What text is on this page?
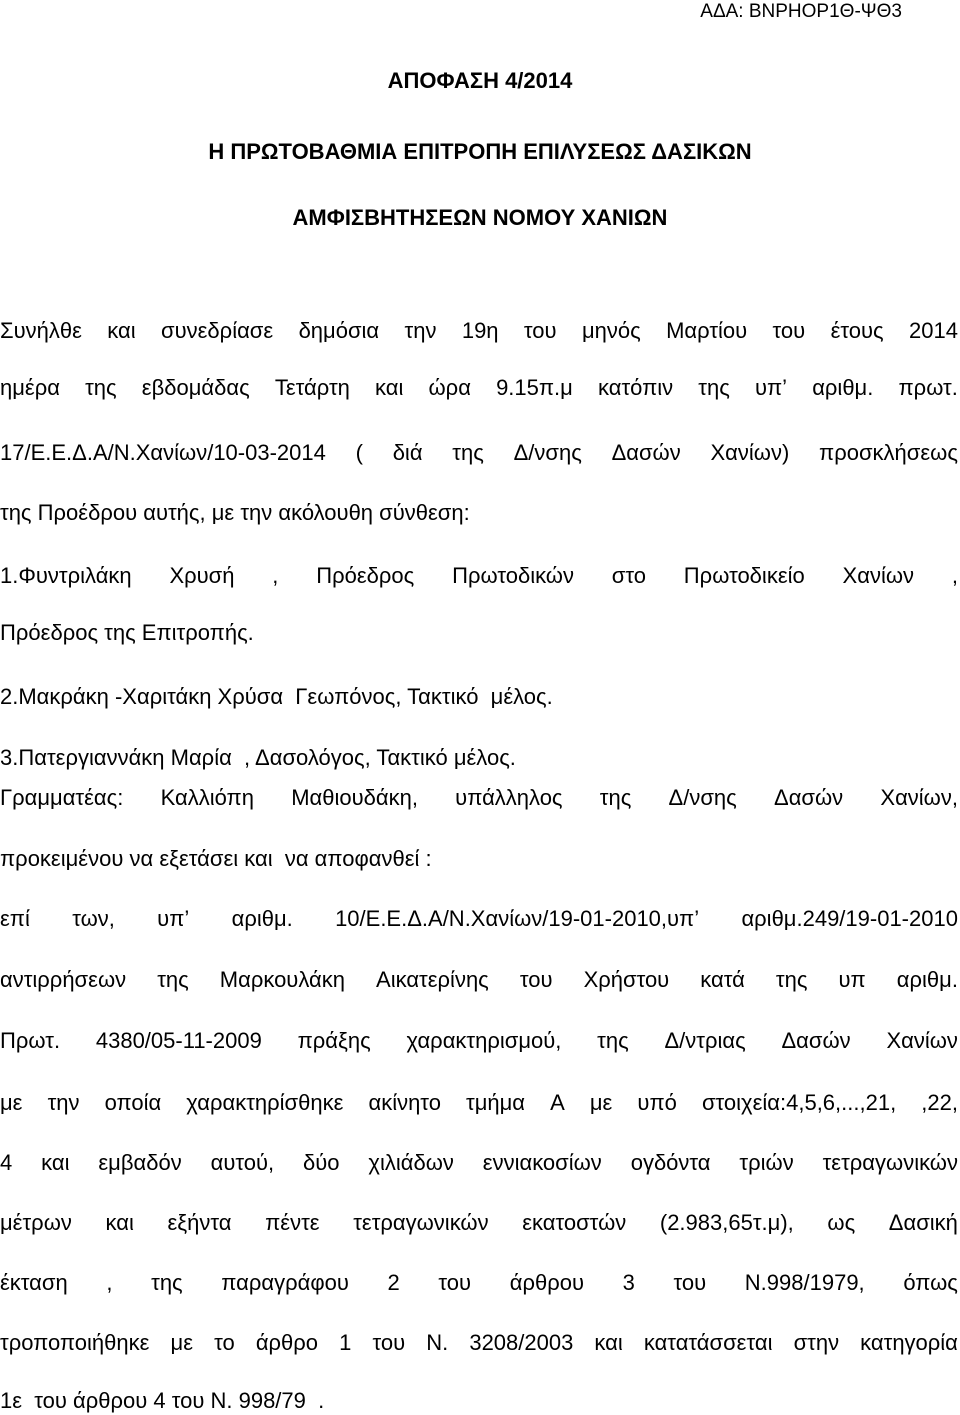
ΑΔΑ: ΒΝΡΗΟΡ1Θ-ΨΘ3
ΑΠΟΦΑΣΗ 4/2014
Η ΠΡΩΤΟΒΑΘΜΙΑ ΕΠΙΤΡΟΠΗ ΕΠΙΛΥΣΕΩΣ ΔΑΣΙΚΩΝ
ΑΜΦΙΣΒΗΤΗΣΕΩΝ ΝΟΜΟΥ ΧΑΝΙΩΝ
Συνήλθε και συνεδρίασε δημόσια την 19η του μηνός Μαρτίου του έτους 2014
ημέρα της εβδομάδας Τετάρτη και ώρα 9.15π.μ κατόπιν της υπ’ αριθμ. πρωτ.
17/Ε.Ε.Δ.Α/Ν.Χανίων/10-03-2014 ( διά της Δ/νσης Δασών Χανίων) προσκλήσεως
της Προέδρου αυτής, με την ακόλουθη σύνθεση:
1.Φυντριλάκη Χρυσή , Πρόεδρος Πρωτοδικών στο Πρωτοδικείο Χανίων ,
Πρόεδρος της Επιτροπής.
2.Μακράκη -Χαριτάκη Χρύσα  Γεωπόνος, Τακτικό  μέλος.
3.Πατεργιαννάκη Μαρία  , Δασολόγος, Τακτικό μέλος.
Γραμματέας: Καλλιόπη Μαθιουδάκη, υπάλληλος της Δ/νσης Δασών Χανίων,
προκειμένου να εξετάσει και  να αποφανθεί :
επί των, υπ’ αριθμ. 10/Ε.Ε.Δ.Α/Ν.Χανίων/19-01-2010,υπ’ αριθμ.249/19-01-2010
αντιρρήσεων της Μαρκουλάκη Αικατερίνης του Χρήστου κατά της υπ αριθμ.
Πρωτ. 4380/05-11-2009 πράξης χαρακτηρισμού, της Δ/ντριας Δασών Χανίων
με την οποία χαρακτηρίσθηκε ακίνητο τμήμα Α με υπό στοιχεία:4,5,6,...,21, ,22,
4 και εμβαδόν αυτού, δύο χιλιάδων εννιακοσίων ογδόντα τριών τετραγωνικών
μέτρων και εξήντα πέντε τετραγωνικών εκατοστών (2.983,65τ.μ), ως Δασική
έκταση , της παραγράφου 2 του άρθρου 3 του Ν.998/1979, όπως
τροποποιήθηκε με το άρθρο 1 του Ν. 3208/2003 και κατατάσσεται στην κατηγορία
1ε  του άρθρου 4 του Ν. 998/79  .
